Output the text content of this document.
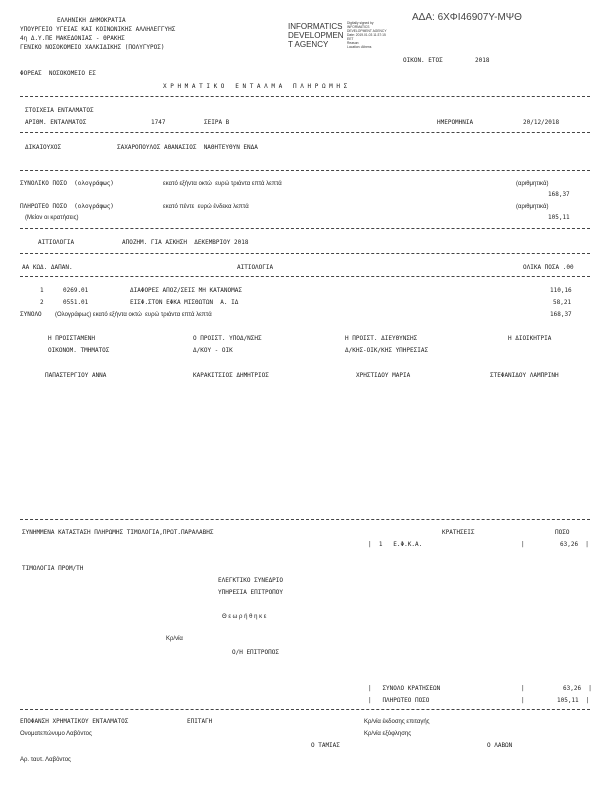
ΑΔΑ: 6ΧΦΙ46907Υ-ΜΨΘ
ΕΛΛΗΝΙΚΗ ΔΗΜΟΚΡΑΤΙΑ
ΥΠΟΥΡΓΕΙΟ ΥΓΕΙΑΣ ΚΑΙ ΚΟΙΝΩΝΙΚΗΣ ΑΛΛΗΛΕΓΓΥΗΣ
4η Δ.Υ.ΠΕ ΜΑΚΕΔΟΝΙΑΣ - ΘΡΑΚΗΣ
ΓΕΝΙΚΟ ΝΟΣΟΚΟΜΕΙΟ ΧΑΛΚΙΔΙΚΗΣ (ΠΟΛΥΓΥΡΟΣ)
INFORMATICS
DEVELOPMEN
T AGENCY
Digitally signed by
INFORMATICS
DEVELOPMENT AGENCY
Date: 2019.01.03 11:37:15
EET
Reason:
Location: Athens
ΟΙΚΟΝ. ΕΤΟΣ	2018
ΦΟΡΕΑΣ  ΝΟΣΟΚΟΜΕΙΟ ΕΣ
Χ Ρ Η Μ Α Τ Ι Κ Ο   Ε Ν Τ Α Λ Μ Α   Π Λ Η Ρ Ω Μ Η Σ
ΣΤΟΙΧΕΙΑ ΕΝΤΑΛΜΑΤΟΣ
ΑΡΙΘΜ. ΕΝΤΑΛΜΑΤΟΣ	1747	ΣΕΙΡΑ Β	ΗΜΕΡΟΜΗΝΙΑ	20/12/2018
ΔΙΚΑΙΟΥΧΟΣ	ΣΑΧΑΡΟΠΟΥΛΟΣ ΑΘΑΝΑΣΙΟΣ  ΝΑΘΗΤΕΥΘΥΝ ΕΝΔΑ
ΣΥΝΟΛΙΚΟ ΠΟΣΟ  (ολογράφως)	εκατό εξήντα οκτώ  ευρώ τριάντα επτά λεπτά	(αριθμητικά)
168,37
ΠΛΗΡΩΤΕΟ ΠΟΣΟ  (ολογράφως)	εκατό πέντε  ευρώ ένδεκα λεπτά	(αριθμητικά)
(Μείον οι κρατήσεις)	105,11
ΑΙΤΙΟΛΟΓΙΑ	ΑΠΟΖΗΜ. ΓΙΑ ΑΣΚΗΣΗ  ΔΕΚΕΜΒΡΙΟΥ 2018
ΑΑ ΚΩΔ. ΔΑΠΑΝ.	ΑΙΤΙΟΛΟΓΙΑ	ΟΛΙΚΑ ΠΟΣΑ .00
1	0269.01	ΔΙΑΦΟΡΕΣ ΑΠΟΖ/ΣΕΙΣ ΜΗ ΚΑΤΑΝΟΜΑΣ	110,16
2	0551.01	ΕΙΣΦ.ΣΤΟΝ ΕΦΚΑ ΜΙΣΘΩΤΩΝ  Α. ΙΔ	58,21
ΣΥΝΟΛΟ (Ολογράφως) εκατό εξήντα οκτώ  ευρώ τριάντα επτά λεπτά	168,37
Η ΠΡΟΙΣΤΑΜΕΝΗ	Ο ΠΡΟΙΣΤ. ΥΠΟΔ/ΝΣΗΣ	Η ΠΡΟΙΣΤ. ΔΙΕΥΘΥΝΣΗΣ	Η ΔΙΟΙΚΗΤΡΙΑ
ΟΙΚΟΝΟΜ. ΤΜΗΜΑΤΟΣ	Δ/ΚΟΥ - ΟΙΚ	Δ/ΚΗΣ-ΟΙΚ/ΚΗΣ ΥΠΗΡΕΣΙΑΣ
ΠΑΠΑΣΤΕΡΓΙΟΥ ΑΝΝΑ	ΚΑΡΑΚΙΤΣΙΟΣ ΔΗΜΗΤΡΙΟΣ	ΧΡΗΣΤΙΔΟΥ ΜΑΡΙΑ	ΣΤΕΦΑΝΙΔΟΥ ΛΑΜΠΡΙΝΗ
ΣΥΝΗΜΜΕΝΑ ΚΑΤΑΣΤΑΣΗ ΠΛΗΡΩΜΗΣ ΤΙΜΟΛΟΓΙΑ,ΠΡΩΤ.ΠΑΡΑΛΑΒΗΣ	ΚΡΑΤΗΣΕΙΣ	ΠΟΣΟ
|  1   Ε.Φ.Κ.Α.	|	63,26  |
ΤΙΜΟΛΟΓΙΑ ΠΡΟΜ/ΤΗ
ΕΛΕΓΚΤΙΚΟ ΣΥΝΕΔΡΙΟ
ΥΠΗΡΕΣΙΑ ΕΠΙΤΡΟΠΟΥ
Θ ε ω ρ ή θ η κ ε
Κρ/νία
Ο/Η ΕΠΙΤΡΟΠΟΣ
|   ΣΥΝΟΛΟ ΚΡΑΤΗΣΕΩΝ	|	63,26  |
|   ΠΛΗΡΩΤΕΟ ΠΟΣΟ	|	105,11  |
ΕΠΟΦΑΝΣΗ ΧΡΗΜΑΤΙΚΟΥ ΕΝΤΑΛΜΑΤΟΣ	ΕΠΙΤΑΓΗ	Κρ/νία έκδοσης επιταγής
Ονοματεπώνυμο Λαβόντος	Κρ/νία εξόφλησης
Ο ΤΑΜΙΑΣ	Ο ΛΑΒΩΝ
Αρ. ταυτ. Λαβόντος
